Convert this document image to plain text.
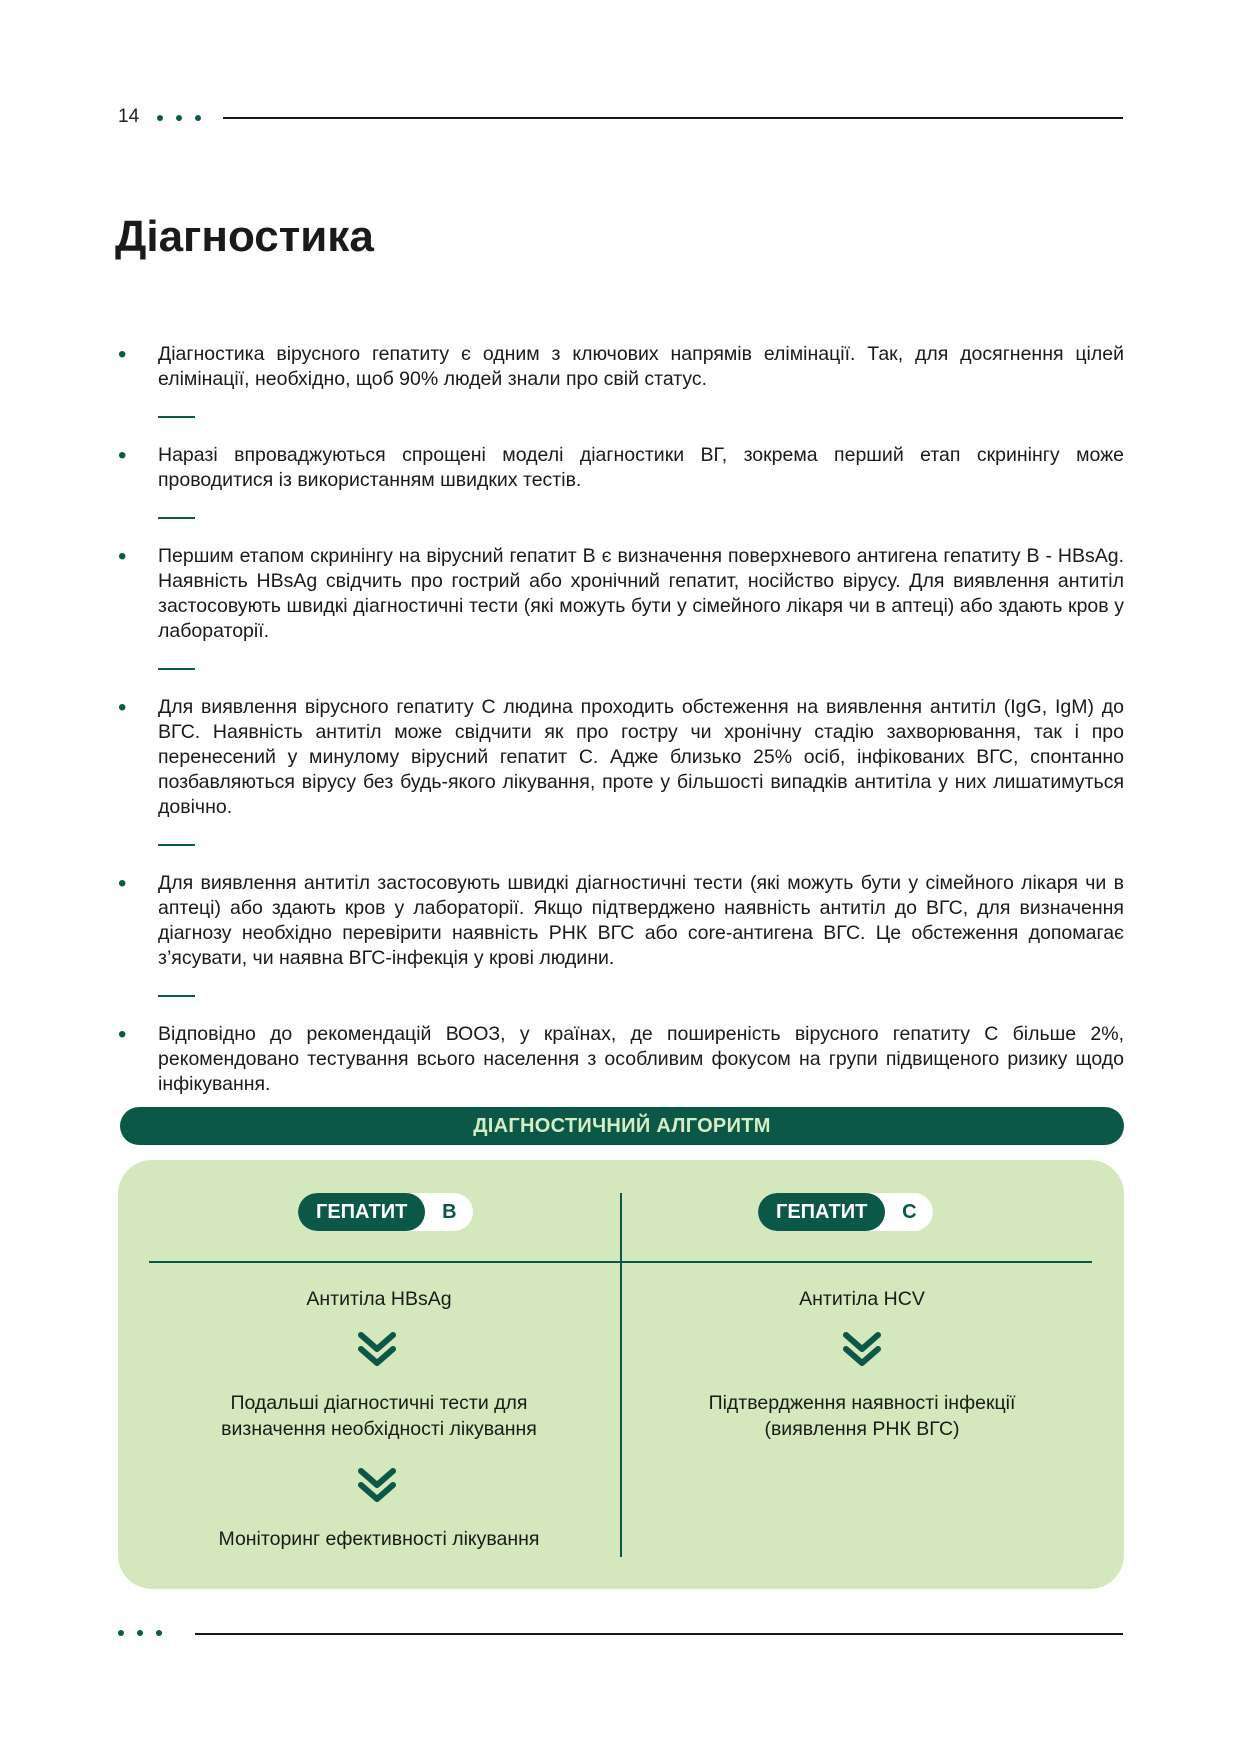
14
Діагностика
•	Діагностика вірусного гепатиту є одним з ключових напрямів елімінації. Так, для досягнення цілей елімінації, необхідно, щоб 90% людей знали про свій статус.
•	Наразі впроваджуються спрощені моделі діагностики ВГ, зокрема перший етап скринінгу може проводитися із використанням швидких тестів.
•	Першим етапом скринінгу на вірусний гепатит В є визначення поверхневого антигена гепатиту В - HBsAg. Наявність HBsAg свідчить про гострий або хронічний гепатит, носійство вірусу. Для виявлення антитіл застосовують швидкі діагностичні тести (які можуть бути у сімейного лікаря чи в аптеці) або здають кров у лабораторії.
•	Для виявлення вірусного гепатиту С людина проходить обстеження на виявлення антитіл (IgG, IgM) до ВГС. Наявність антитіл може свідчити як про гостру чи хронічну стадію захворювання, так і про перенесений у минулому вірусний гепатит С. Адже близько 25% осіб, інфікованих ВГС, спонтанно позбавляються вірусу без будь-якого лікування, проте у більшості випадків антитіла у них лишатимуться довічно.
•	Для виявлення антитіл застосовують швидкі діагностичні тести (які можуть бути у сімейного лікаря чи в аптеці) або здають кров у лабораторії. Якщо підтверджено наявність антитіл до ВГС, для визначення діагнозу необхідно перевірити наявність РНК ВГС або core-антигена ВГС. Це обстеження допомагає з’ясувати, чи наявна ВГС-інфекція у крові людини.
•	Відповідно до рекомендацій ВООЗ, у країнах, де поширеність вірусного гепатиту С більше 2%, рекомендовано тестування всього населення з особливим фокусом на групи підвищеного ризику щодо інфікування.
ДІАГНОСТИЧНИЙ АЛГОРИТМ
ГЕПАТИТ	В
Антитіла HBsAg
Подальші діагностичні тести для
визначення необхідності лікування
Моніторинг ефективності лікування
ГЕПАТИТ	С
Антитіла HCV
Підтвердження наявності інфекції
(виявлення РНК ВГС)
